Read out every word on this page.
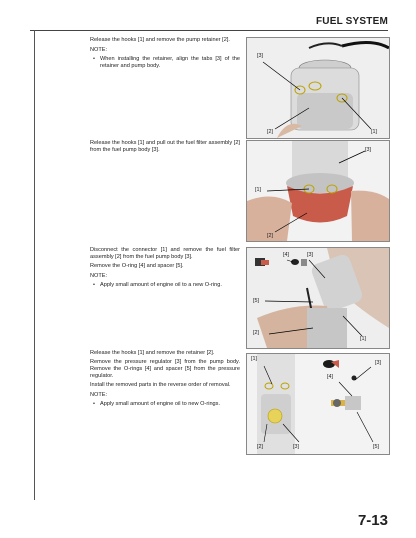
FUEL SYSTEM

Release the hooks [1] and remove the pump retainer [2].

NOTE:

• When installing the retainer, align the tabs [3] of the retainer and pump body.

[3]
[2]	[1]

Release the hooks [1] and pull out the fuel filter assembly [2] from the fuel pump body [3].	[3]
[1]
[2]

Disconnect the connector [1] and remove the fuel filter assembly [2] from the fuel pump body [3].

Remove the O-ring [4] and spacer [5].

NOTE:

• Apply small amount of engine oil to a new O-ring.

[4]	[3]
[5]
[2]
[1]

Release the hooks [1] and remove the retainer [2].

Remove the pressure regulator [3] from the pump body. Remove the O-rings [4] and spacer [5] from the pressure regulator.

Install the removed parts in the reverse order of removal.

NOTE:

• Apply small amount of engine oil to new O-rings.

[1]
[3]
[4]
[2]	[3]	[5]
7-13
